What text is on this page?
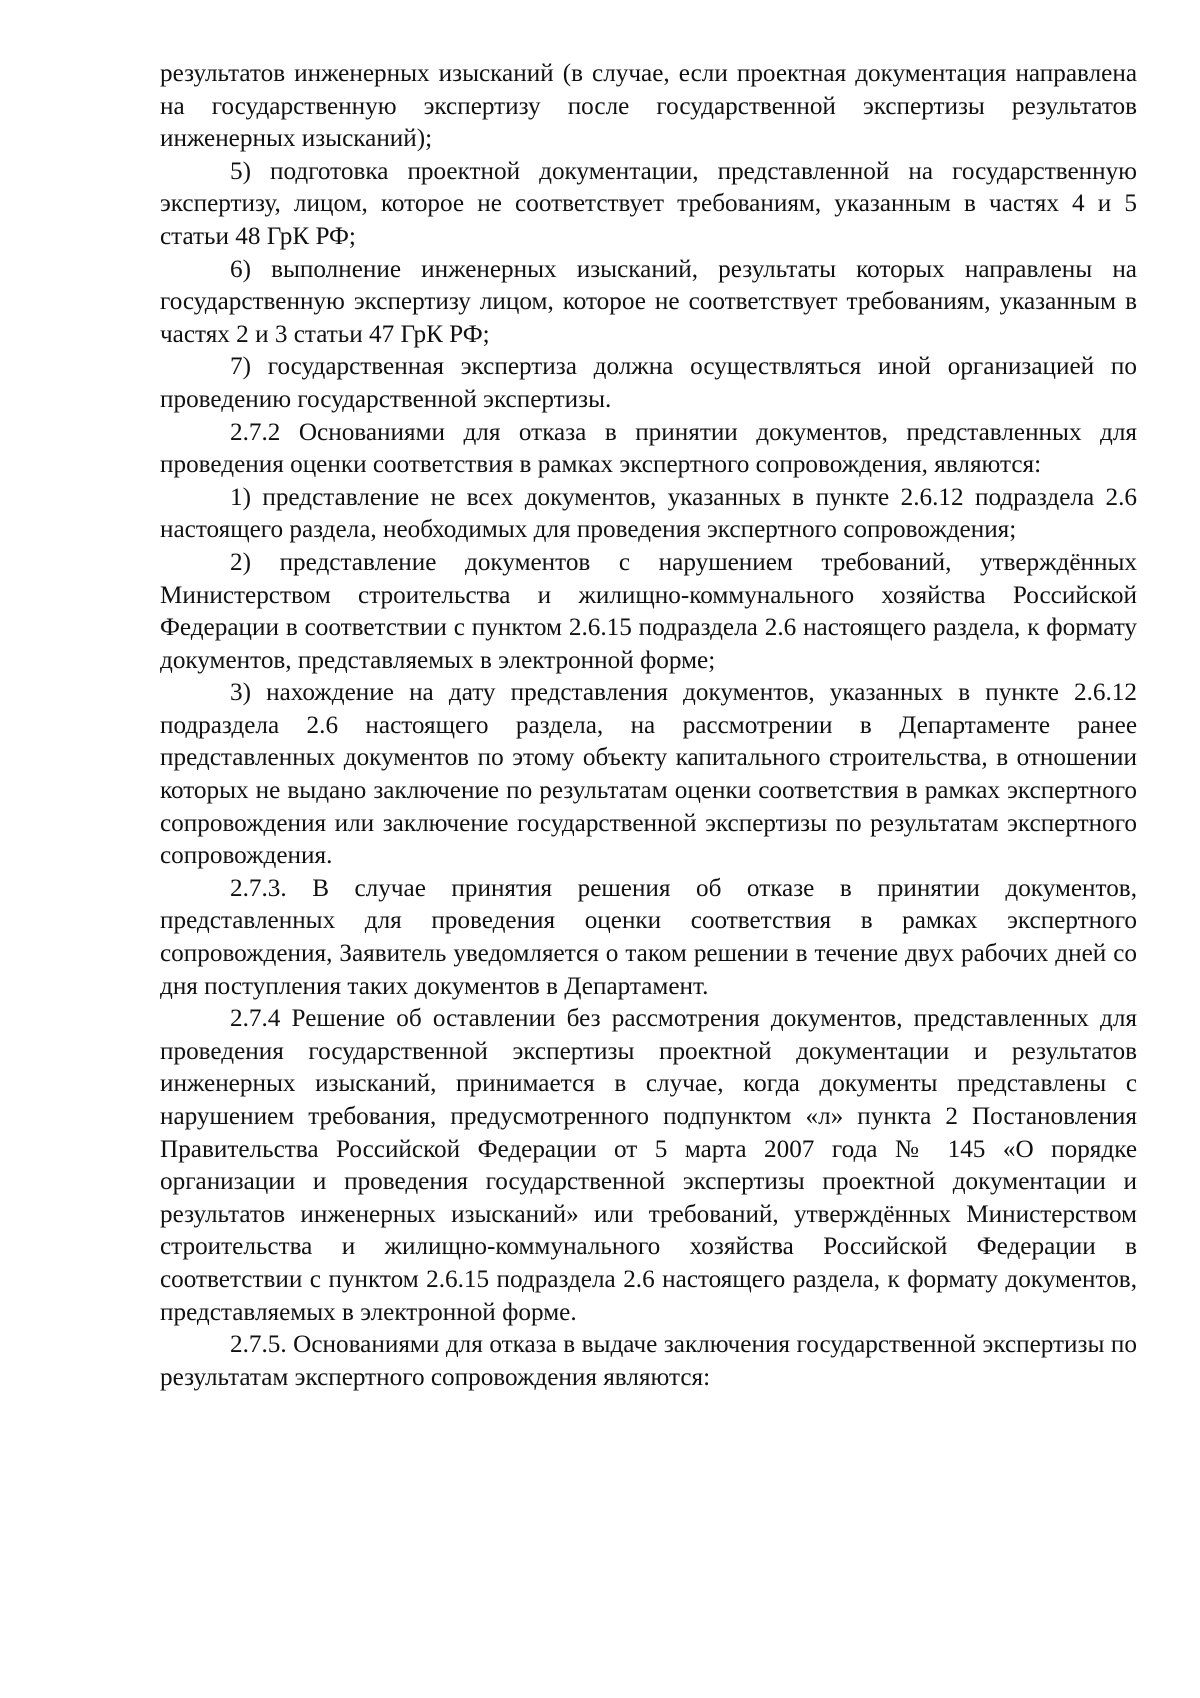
результатов инженерных изысканий (в случае, если проектная документация направлена на государственную экспертизу после государственной экспертизы результатов инженерных изысканий);

5) подготовка проектной документации, представленной на государственную экспертизу, лицом, которое не соответствует требованиям, указанным в частях 4 и 5 статьи 48 ГрК РФ;

6) выполнение инженерных изысканий, результаты которых направлены на государственную экспертизу лицом, которое не соответствует требованиям, указанным в частях 2 и 3 статьи 47 ГрК РФ;

7) государственная экспертиза должна осуществляться иной организацией по проведению государственной экспертизы.

2.7.2 Основаниями для отказа в принятии документов, представленных для проведения оценки соответствия в рамках экспертного сопровождения, являются:

1) представление не всех документов, указанных в пункте 2.6.12 подраздела 2.6 настоящего раздела, необходимых для проведения экспертного сопровождения;

2) представление документов с нарушением требований, утверждённых Министерством строительства и жилищно-коммунального хозяйства Российской Федерации в соответствии с пунктом 2.6.15 подраздела 2.6 настоящего раздела, к формату документов, представляемых в электронной форме;

3) нахождение на дату представления документов, указанных в пункте 2.6.12 подраздела 2.6 настоящего раздела, на рассмотрении в Департаменте ранее представленных документов по этому объекту капитального строительства, в отношении которых не выдано заключение по результатам оценки соответствия в рамках экспертного сопровождения или заключение государственной экспертизы по результатам экспертного сопровождения.

2.7.3. В случае принятия решения об отказе в принятии документов, представленных для проведения оценки соответствия в рамках экспертного сопровождения, Заявитель уведомляется о таком решении в течение двух рабочих дней со дня поступления таких документов в Департамент.

2.7.4 Решение об оставлении без рассмотрения документов, представленных для проведения государственной экспертизы проектной документации и результатов инженерных изысканий, принимается в случае, когда документы представлены с нарушением требования, предусмотренного подпунктом «л» пункта 2 Постановления Правительства Российской Федерации от 5 марта 2007 года № 145 «О порядке организации и проведения государственной экспертизы проектной документации и результатов инженерных изысканий» или требований, утверждённых Министерством строительства и жилищно-коммунального хозяйства Российской Федерации в соответствии с пунктом 2.6.15 подраздела 2.6 настоящего раздела, к формату документов, представляемых в электронной форме.

2.7.5. Основаниями для отказа в выдаче заключения государственной экспертизы по результатам экспертного сопровождения являются:
